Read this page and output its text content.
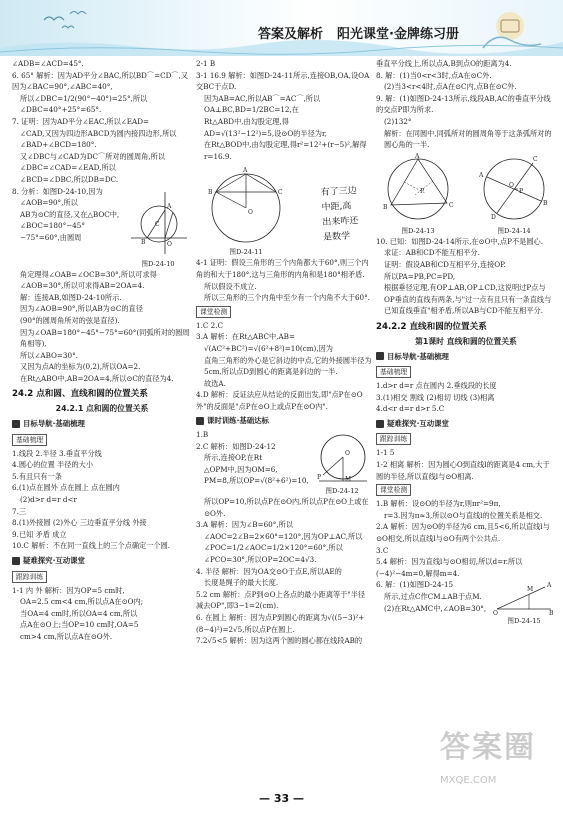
答案及解析 阳光课堂·金牌练习册

∠ADB=∠ACD=45°.

6. 65° 解析：因为AD平分∠BAC,所以BD⌒=CD⌒,又因为∠BAC=90°,∠ABC=40°,

所以∠DBC=1/2(90°−40°)=25°,所以

∠DBC=40°+25°=65°.

7. 证明：因为AD平分∠EAC,所以∠EAD=

∠CAD,又因为四边形ABCD为圆内接四边形,所以∠BAD+∠BCD=180°.

又∠DBC与∠CAD为DC⌒所对的圆周角,所以∠DBC=∠CAD=∠EAD,所以

∠BCD=∠DBC,所以DB=DC.

8. 分析：如图D-24-10,因为

∠AOB=90°,所以

AB为⊙C的直径,又在△BOC中,

∠BOC=180°−45°

−75°=60°,由圆周

A
B	O
C
图D-24-10

角定理得∠OAB=∠OCB=30°,所以可求得

∠AOB=30°,所以可求得AB=2OA=4.

解：连接AB,如图D-24-10所示.

因为∠AOB=90°,所以AB为⊙C的直径

(90°的圆周角所对的弦是直径).

因为∠OAB=180°−45°−75°=60°(同弧所对的圆周角相等),

所以∠ABO=30°.

又因为点A的坐标为(0,2),所以OA=2.

在Rt△ABO中,AB=2OA=4,所以⊙C的直径为4.

24.2 点和圆、直线和圆的位置关系
24.2.1 点和圆的位置关系
目标导航·基础梳理
基础梳理

1.线段 2.半径 3.垂直平分线

4.圆心的位置 半径的大小

5.有且只有一条

6.(1)点在圆外 点在圆上 点在圆内

(2)d>r d=r d<r

7.三

8.(1)外接圆 (2)外心 三边垂直平分线 外接

9.已知 矛盾 成立

10.C 解析：不在同一直线上的三个点确定一个圆.

疑难探究·互动课堂
跟踪训练

1-1 内 外 解析：因为OP=5 cm时,

OA=2.5 cm<4 cm,所以点A在⊙O内;

当OA=4 cm时,所以OA=4 cm,所以

点A在⊙O上;当OP=10 cm时,OA=5

cm>4 cm,所以点A在⊙O外.

2-1 B

3-1 16.9 解析：如图D-24-11所示,连接OB,OA,设OA交BC于点D.

因为AB=AC,所以AB⌒=AC⌒,所以

OA⊥BC,BD=1/2BC=12,在

Rt△ABD中,由勾股定理,得

AD=√(13²−12²)=5,设⊙O的半径为r,

在Rt△BOD中,由勾股定理,得r²=12²+(r−5)²,解得r=16.9.

A
B	C
O
图D-24-11

4-1 证明：假设三角形的三个内角都大于60°,则三个内角的和大于180°,这与三角形的内角和是180°相矛盾.

所以假设不成立.

所以三角形的三个内角中至少有一个内角不大于60°.

课堂检测

1.C 2.C

3.A 解析：在Rt△ABC中,AB=

√(AC²+BC²)=√(6²+8²)=10(cm),因为

直角三角形的外心是它斜边的中点,它的外接圆半径为5cm,所以点D到圆心的距离是斜边的一半.

故选A.

4.D 解析：反证法应从结论的反面出发,即"点P在⊙O外"的反面是"点P在⊙O上或点P在⊙O内".

课时训练·基础达标

1.B

2.C 解析：如图D-24-12

所示,连接OP,在Rt

△OPM中,因为OM=6,

PM=8,所以OP=√(8²+6²)=10,

O
P	M
图D-24-12

所以OP=10,所以点P在⊙O内,所以点P在⊙O上或在⊙O外.

3.A 解析：因为∠B=60°,所以

∠AOC=2∠B=2×60°=120°,因为OP⊥AC,所以

∠POC=1/2∠AOC=1/2×120°=60°,所以

∠PCO=30°,所以OP=2OC=4√3.

4. 半径 解析：因为OA交⊙O于点E,所以AE的

长度是绳子的最大长度.

5.2 cm 解析：点P到⊙O上各点的最小距离等于"半径减去OP",即3−1=2(cm).

6. 在圆上 解析：因为点P到圆心的距离为√((5−3)²+(8−4)²)=2√5,所以点P在圆上.

7.2√5<5 解析：因为这两个圆的圆心都在线段AB的

有了三边
中距,高
出来咋还
是数学

垂直平分线上,所以点A,B到点O的距离为4.

8. 解：(1)当0<r<3时,点A在⊙C外.

(2)当3<r<4时,点A在⊙C内,点B在⊙C外.

9. 解：(1)如图D-24-13所示,线段AB,AC的垂直平分线的交点P即为所求.

(2)132°

解析：在同圆中,同弧所对的圆周角等于这条弧所对的圆心角的一半.

A
B	C
P
图D-24-13
A
B
C
D
P
O
图D-24-14

10. 已知：如图D-24-14所示,在⊙O中,点P不是圆心.

求证：AB和CD不能互相平分.

证明：假设AB和CD互相平分,连接OP.

所以PA=PB,PC=PD,

根据垂径定理,有OP⊥AB,OP⊥CD,这说明过P点与OP垂直的直线有两条,与"过一点有且只有一条直线与已知直线垂直"相矛盾,所以AB与CD不能互相平分.

24.2.2 直线和圆的位置关系
第1课时 直线和圆的位置关系
目标导航·基础梳理
基础梳理

1.d>r d=r 点在圆内 2.垂线段的长度

3.(1)相交 割线 (2)相切 切线 (3)相离

4.d<r d=r d>r 5.C

疑难探究·互动课堂
跟踪训练

1-1 5

1-2 相离 解析：因为圆心O到直线l的距离是4 cm,大于圆的半径,所以直线l与⊙O相离.

课堂检测

1.B 解析：设⊙O的半径为r,则πr²=9π,

r=3.因为π≈3,所以⊙O与直线l的位置关系是相交.

2.A 解析：因为⊙O的半径为6 cm,且5<6,所以直线l与⊙O相交,所以直线l与⊙O有两个公共点.

3.C

5.4 解析：因为直线l与⊙O相切,所以d=r.所以(−4)²−4m=0,解得m=4.

6. 解：(1)如图D-24-15

所示,过点C作CM⊥AB于点M.

(2)在Rt△AMC中,∠AOB=30°,

O
A
B
M
图D-24-15
答案圈
MXQE.COM
— 33 —
